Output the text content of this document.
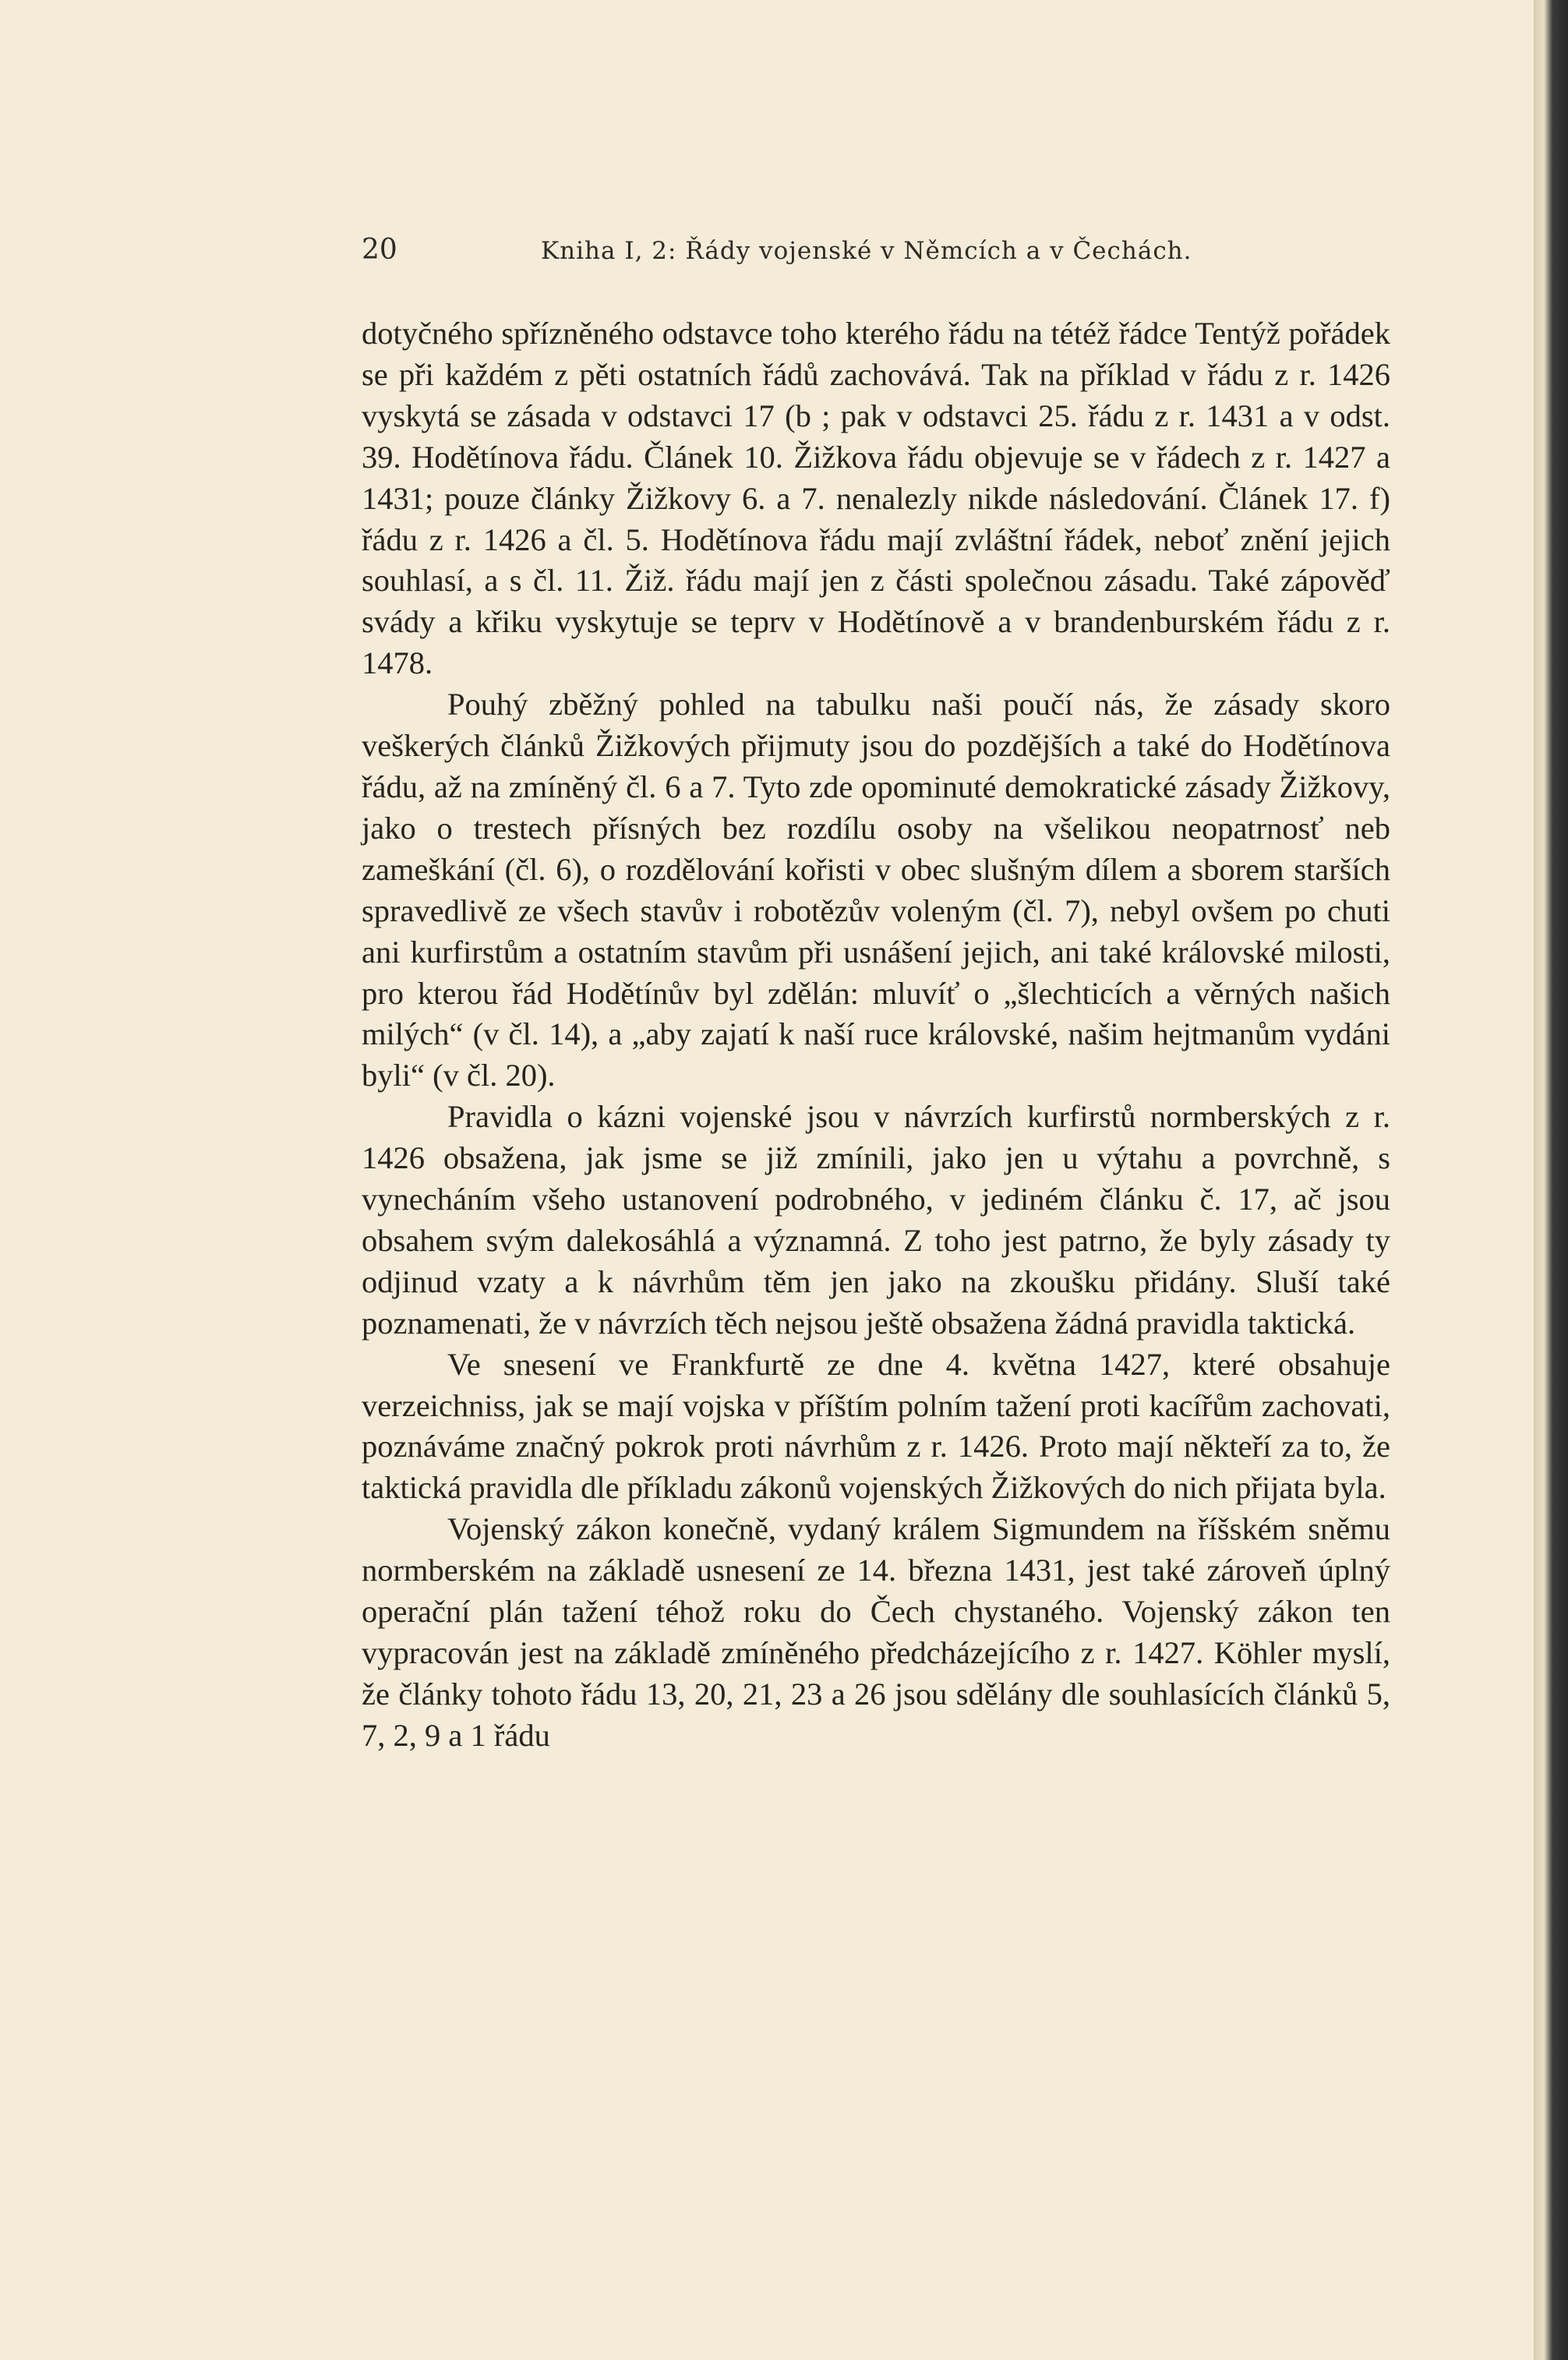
20	Kniha I, 2: Řády vojenské v Němcích a v Čechách.

dotyčného spřízněného odstavce toho kterého řádu na tétéž řádce Tentýž pořádek se při každém z pěti ostatních řádů zachovává. Tak na příklad v řádu z r. 1426 vyskytá se zásada v odstavci 17 (b ; pak v odstavci 25. řádu z r. 1431 a v odst. 39. Hodětínova řádu. Článek 10. Žižkova řádu objevuje se v řádech z r. 1427 a 1431; pouze články Žižkovy 6. a 7. nenalezly nikde následování. Článek 17. f) řádu z r. 1426 a čl. 5. Hodětínova řádu mají zvláštní řádek, neboť znění jejich souhlasí, a s čl. 11. Žiž. řádu mají jen z části společnou zásadu. Také zápověď svády a křiku vyskytuje se teprv v Hodětínově a v brandenburském řádu z r. 1478.

Pouhý zběžný pohled na tabulku naši poučí nás, že zásady skoro veškerých článků Žižkových přijmuty jsou do pozdějších a také do Hodětínova řádu, až na zmíněný čl. 6 a 7. Tyto zde opominuté demokratické zásady Žižkovy, jako o trestech přísných bez rozdílu osoby na všelikou neopatrnosť neb zameškání (čl. 6), o rozdělování kořisti v obec slušným dílem a sborem starších spravedlivě ze všech stavův i robotězův voleným (čl. 7), nebyl ovšem po chuti ani kurfirstům a ostatním stavům při usnášení jejich, ani také královské milosti, pro kterou řád Hodětínův byl zdělán: mluvíť o „šlechticích a věrných našich milých“ (v čl. 14), a „aby zajatí k naší ruce královské, našim hejtmanům vydáni byli“ (v čl. 20).

Pravidla o kázni vojenské jsou v návrzích kurfirstů normberských z r. 1426 obsažena, jak jsme se již zmínili, jako jen u výtahu a povrchně, s vynecháním všeho ustanovení podrobného, v jediném článku č. 17, ač jsou obsahem svým dalekosáhlá a významná. Z toho jest patrno, že byly zásady ty odjinud vzaty a k návrhům těm jen jako na zkoušku přidány. Sluší také poznamenati, že v návrzích těch nejsou ještě obsažena žádná pravidla taktická.

Ve snesení ve Frankfurtě ze dne 4. května 1427, které obsahuje verzeichniss, jak se mají vojska v příštím polním tažení proti kacířům zachovati, poznáváme značný pokrok proti návrhům z r. 1426. Proto mají někteří za to, že taktická pravidla dle příkladu zákonů vojenských Žižkových do nich přijata byla.

Vojenský zákon konečně, vydaný králem Sigmundem na říšském sněmu normberském na základě usnesení ze 14. března 1431, jest také zároveň úplný operační plán tažení téhož roku do Čech chystaného. Vojenský zákon ten vypracován jest na základě zmíněného předcházejícího z r. 1427. Köhler myslí, že články tohoto řádu 13, 20, 21, 23 a 26 jsou sdělány dle souhlasících článků 5, 7, 2, 9 a 1 řádu
